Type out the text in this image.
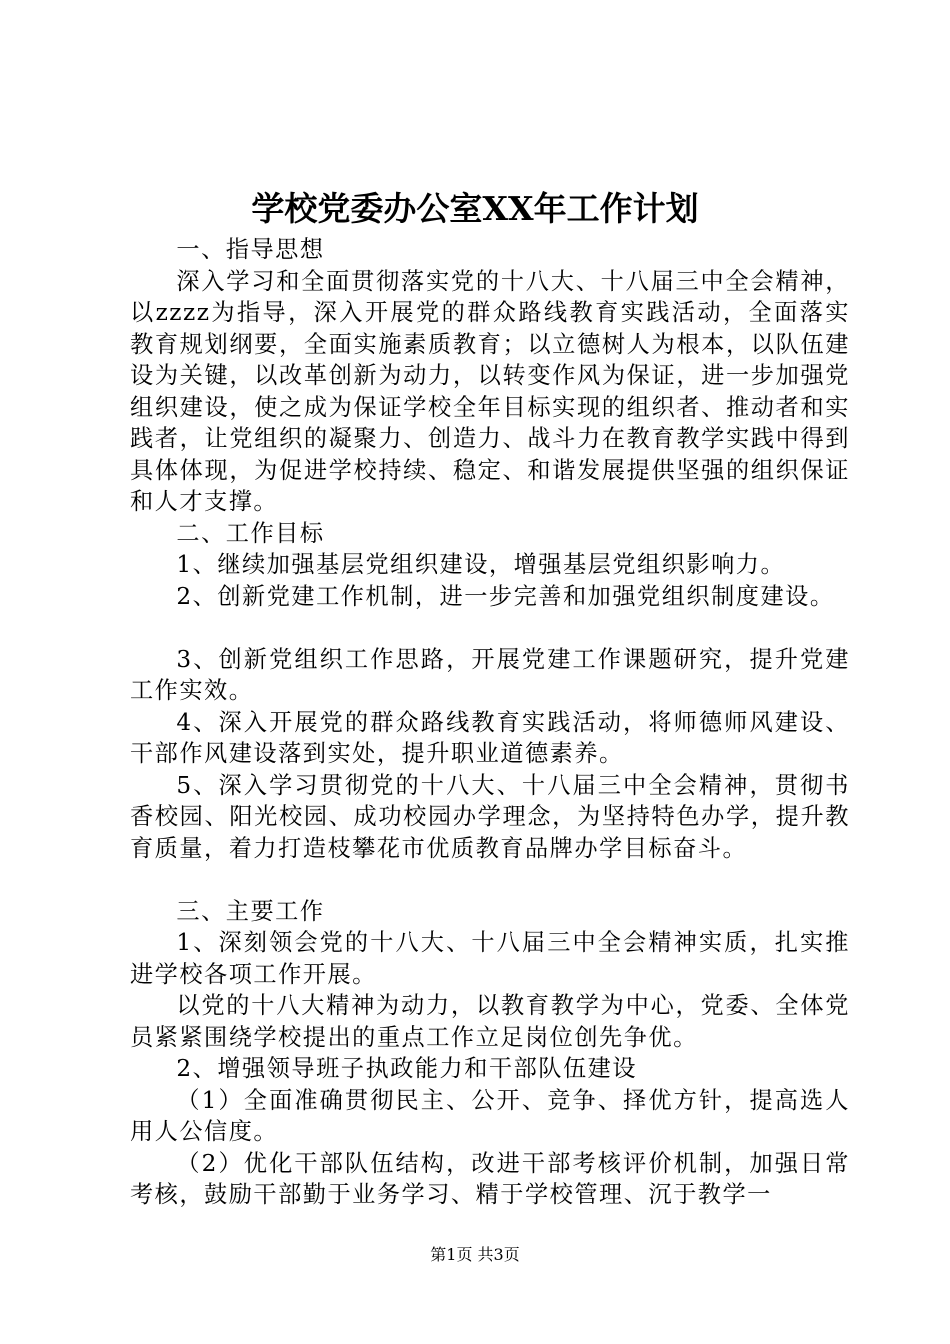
学校党委办公室XX年工作计划

一、指导思想

深入学习和全面贯彻落实党的十八大、十八届三中全会精神，以zzzz为指导，深入开展党的群众路线教育实践活动，全面落实教育规划纲要，全面实施素质教育；以立德树人为根本，以队伍建设为关键，以改革创新为动力，以转变作风为保证，进一步加强党组织建设，使之成为保证学校全年目标实现的组织者、推动者和实践者，让党组织的凝聚力、创造力、战斗力在教育教学实践中得到具体体现，为促进学校持续、稳定、和谐发展提供坚强的组织保证和人才支撑。

二、工作目标

1、继续加强基层党组织建设，增强基层党组织影响力。

2、创新党建工作机制，进一步完善和加强党组织制度建设。

3、创新党组织工作思路，开展党建工作课题研究，提升党建工作实效。

4、深入开展党的群众路线教育实践活动，将师德师风建设、干部作风建设落到实处，提升职业道德素养。

5、深入学习贯彻党的十八大、十八届三中全会精神，贯彻书香校园、阳光校园、成功校园办学理念，为坚持特色办学，提升教育质量，着力打造枝攀花市优质教育品牌办学目标奋斗。

三、主要工作

1、深刻领会党的十八大、十八届三中全会精神实质，扎实推进学校各项工作开展。

以党的十八大精神为动力，以教育教学为中心，党委、全体党员紧紧围绕学校提出的重点工作立足岗位创先争优。

2、增强领导班子执政能力和干部队伍建设

（1）全面准确贯彻民主、公开、竞争、择优方针，提高选人用人公信度。

（2）优化干部队伍结构，改进干部考核评价机制，加强日常考核，鼓励干部勤于业务学习、精于学校管理、沉于教学一

第1页 共3页
